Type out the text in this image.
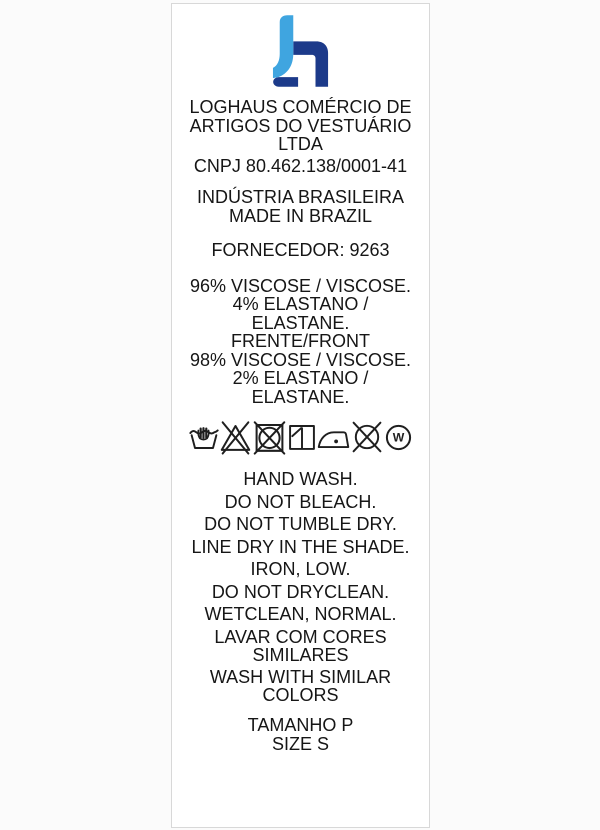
LOGHAUS COMÉRCIO DE
ARTIGOS DO VESTUÁRIO
LTDA
CNPJ 80.462.138/0001-41
INDÚSTRIA BRASILEIRA
MADE IN BRAZIL
FORNECEDOR: 9263
96% VISCOSE / VISCOSE.
4% ELASTANO /
ELASTANE.
FRENTE/FRONT
98% VISCOSE / VISCOSE.
2% ELASTANO /
ELASTANE.
W
HAND WASH.
DO NOT BLEACH.
DO NOT TUMBLE DRY.
LINE DRY IN THE SHADE.
IRON, LOW.
DO NOT DRYCLEAN.
WETCLEAN, NORMAL.
LAVAR COM CORES
SIMILARES
WASH WITH SIMILAR
COLORS
TAMANHO P
SIZE S
